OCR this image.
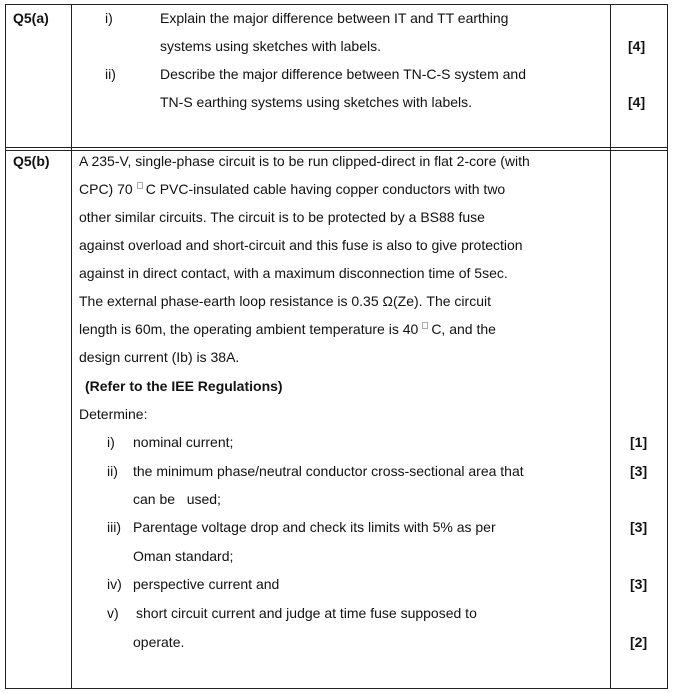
Q5(a)	i)	Explain the major difference between IT and TT earthing
systems using sketches with labels.	[4]
ii)	Describe the major difference between TN-C-S system and
TN-S earthing systems using sketches with labels.	[4]
Q5(b) A 235-V, single-phase circuit is to be run clipped-direct in flat 2-core (with
CPC) 70 C PVC-insulated cable having copper conductors with two
other similar circuits. The circuit is to be protected by a BS88 fuse
against overload and short-circuit and this fuse is also to give protection
against in direct contact, with a maximum disconnection time of 5sec.
The external phase-earth loop resistance is 0.35 Ω(Ze). The circuit
length is 60m, the operating ambient temperature is 40 C, and the
design current (Ib) is 38A.
(Refer to the IEE Regulations)
Determine:
i) nominal current;	[1]
ii) the minimum phase/neutral conductor cross-sectional area that
can be   used;
[3]
iii) Parentage voltage drop and check its limits with 5% as per
Oman standard;
[3]
iv) perspective current and	[3]
v) short circuit current and judge at time fuse supposed to
operate.	[2]
